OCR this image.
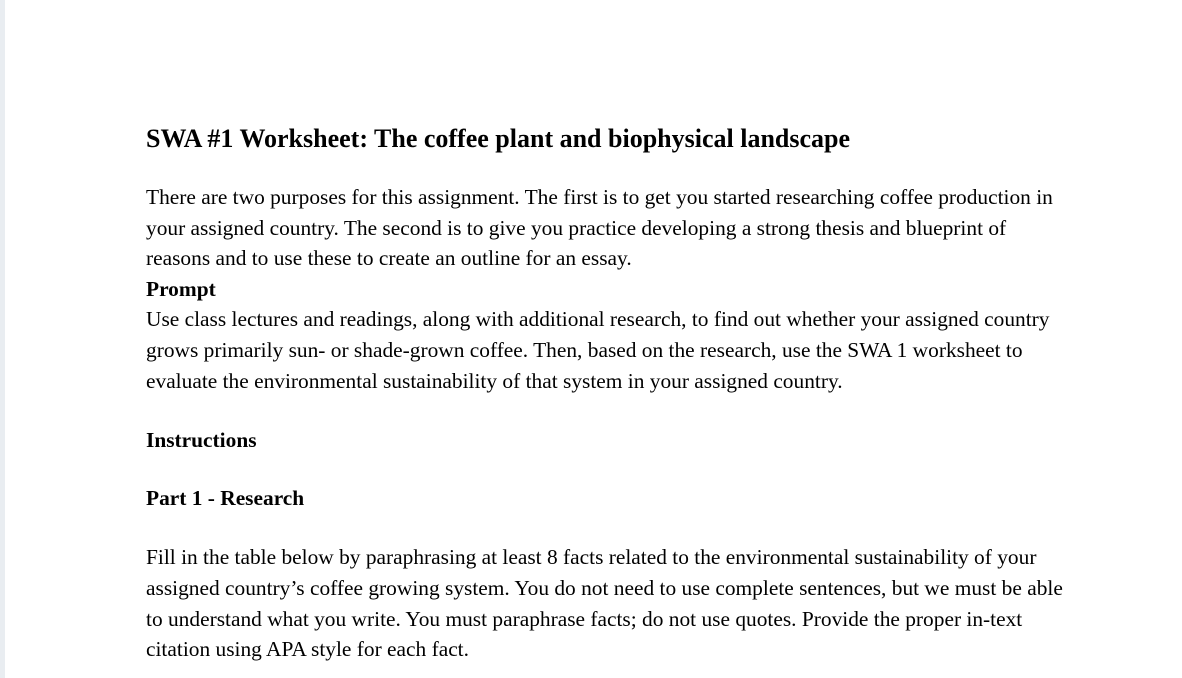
SWA #1 Worksheet: The coffee plant and biophysical landscape

There are two purposes for this assignment. The first is to get you started researching coffee production in your assigned country. The second is to give you practice developing a strong thesis and blueprint of reasons and to use these to create an outline for an essay.

Prompt

Use class lectures and readings, along with additional research, to find out whether your assigned country grows primarily sun- or shade-grown coffee. Then, based on the research, use the SWA 1 worksheet to evaluate the environmental sustainability of that system in your assigned country.

Instructions
Part 1 - Research

Fill in the table below by paraphrasing at least 8 facts related to the environmental sustainability of your assigned country’s coffee growing system. You do not need to use complete sentences, but we must be able to understand what you write. You must paraphrase facts; do not use quotes. Provide the proper in-text citation using APA style for each fact.
